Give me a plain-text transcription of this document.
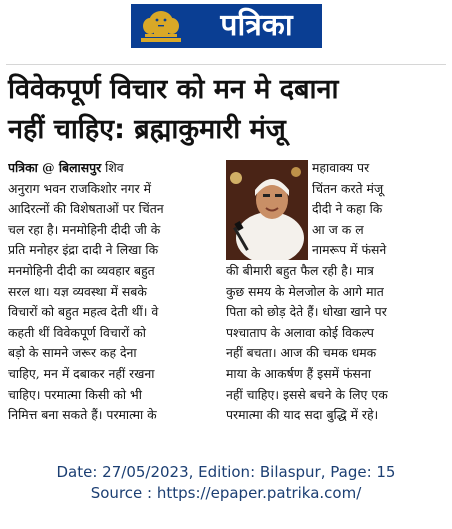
पत्रिका
विवेकपूर्ण विचार को मन मे दबाना
नहीं चाहिए: ब्रह्माकुमारी मंजू
पत्रिका @ बिलासपुर शिव
अनुराग भवन राजकिशोर नगर में
आदिरत्नों की विशेषताओं पर चिंतन
चल रहा है। मनमोहिनी दीदी जी के
प्रति मनोहर इंद्रा दादी ने लिखा कि
मनमोहिनी दीदी का व्यवहार बहुत
सरल था। यज्ञ व्यवस्था में सबके
विचारों को बहुत महत्व देती थीं। वे
कहती थीं विवेकपूर्ण विचारों को
बड़ो के सामने जरूर कह देना
चाहिए, मन में दबाकर नहीं रखना
चाहिए। परमात्मा किसी को भी
निमित्त बना सकते हैं। परमात्मा के
महावाक्य पर
चिंतन करते मंजू
दीदी ने कहा कि
आ ज क ल
नामरूप में फंसने
की बीमारी बहुत फैल रही है। मात्र
कुछ समय के मेलजोल के आगे मात
पिता को छोड़ देते हैं। धोखा खाने पर
पश्चाताप के अलावा कोई विकल्प
नहीं बचता। आज की चमक धमक
माया के आकर्षण हैं इसमें फंसना
नहीं चाहिए। इससे बचने के लिए एक
परमात्मा की याद सदा बुद्धि में रहे।
Date: 27/05/2023, Edition: Bilaspur, Page: 15
Source : https://epaper.patrika.com/
